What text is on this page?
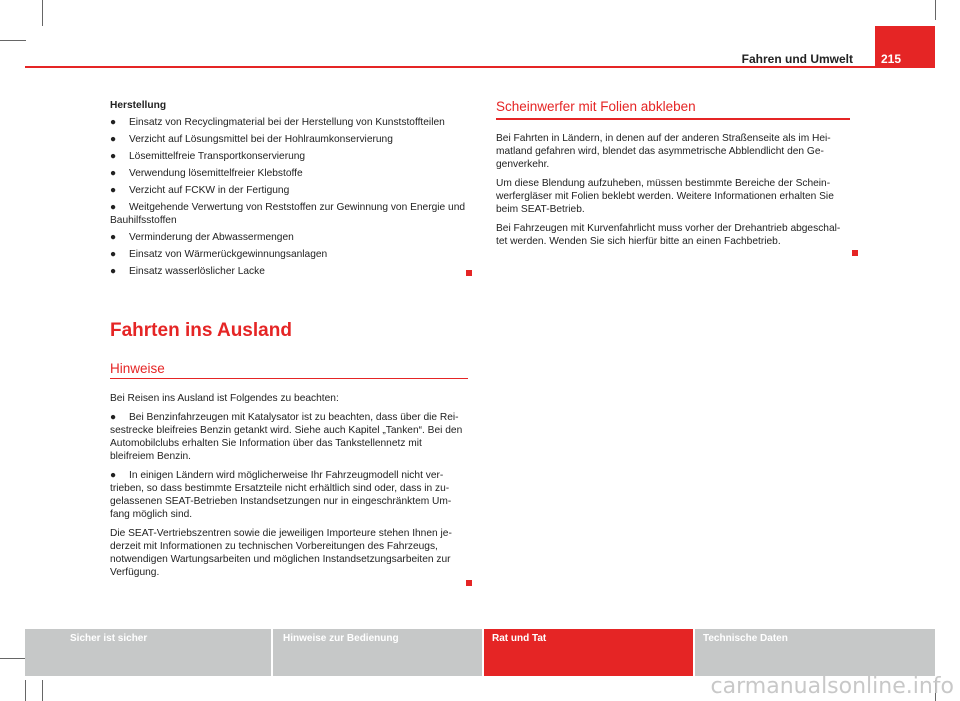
Fahren und Umwelt 215
Herstellung
● Einsatz von Recyclingmaterial bei der Herstellung von Kunststoffteilen
● Verzicht auf Lösungsmittel bei der Hohlraumkonservierung
● Lösemittelfreie Transportkonservierung
● Verwendung lösemittelfreier Klebstoffe
● Verzicht auf FCKW in der Fertigung
● Weitgehende Verwertung von Reststoffen zur Gewinnung von Energie und Bauhilfsstoffen
● Verminderung der Abwassermengen
● Einsatz von Wärmerückgewinnungsanlagen
● Einsatz wasserlöslicher Lacke
Fahrten ins Ausland
Hinweise

Bei Reisen ins Ausland ist Folgendes zu beachten:

● Bei Benzinfahrzeugen mit Katalysator ist zu beachten, dass über die Rei-sestrecke bleifreies Benzin getankt wird. Siehe auch Kapitel „Tanken“. Bei den Automobilclubs erhalten Sie Information über das Tankstellennetz mit bleifreiem Benzin.

● In einigen Ländern wird möglicherweise Ihr Fahrzeugmodell nicht ver-trieben, so dass bestimmte Ersatzteile nicht erhältlich sind oder, dass in zu-gelassenen SEAT-Betrieben Instandsetzungen nur in eingeschränktem Um-fang möglich sind.

Die SEAT-Vertriebszentren sowie die jeweiligen Importeure stehen Ihnen je-derzeit mit Informationen zu technischen Vorbereitungen des Fahrzeugs, notwendigen Wartungsarbeiten und möglichen Instandsetzungsarbeiten zur Verfügung.

Scheinwerfer mit Folien abkleben

Bei Fahrten in Ländern, in denen auf der anderen Straßenseite als im Hei-matland gefahren wird, blendet das asymmetrische Abblendlicht den Ge-genverkehr.

Um diese Blendung aufzuheben, müssen bestimmte Bereiche der Schein-werfergläser mit Folien beklebt werden. Weitere Informationen erhalten Sie beim SEAT-Betrieb.

Bei Fahrzeugen mit Kurvenfahrlicht muss vorher der Drehantrieb abgeschal-tet werden. Wenden Sie sich hierfür bitte an einen Fachbetrieb.

Sicher ist sicher	Hinweise zur Bedienung	Rat und Tat	Technische Daten
carmanualsonline.info
